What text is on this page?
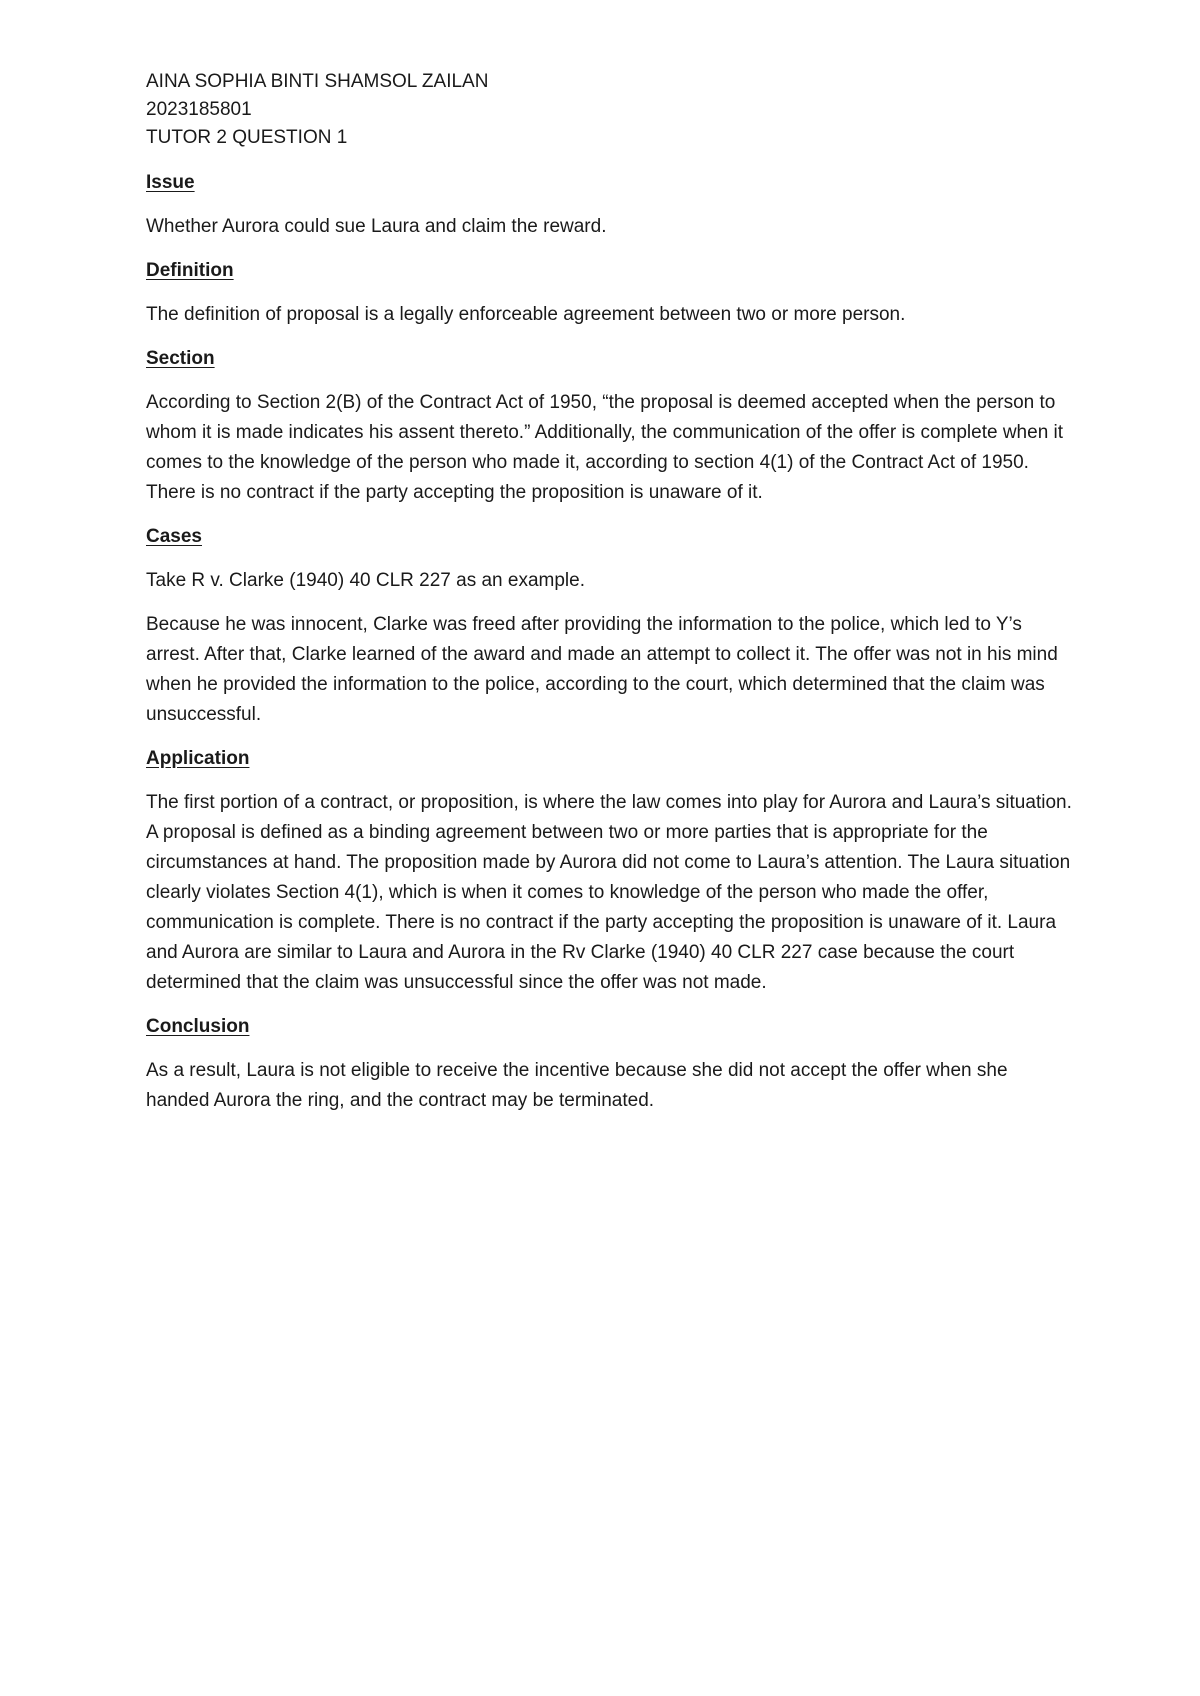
AINA SOPHIA BINTI SHAMSOL ZAILAN

2023185801

TUTOR 2 QUESTION 1

Issue

Whether Aurora could sue Laura and claim the reward.

Definition

The definition of proposal is a legally enforceable agreement between two or more person.

Section

According to Section 2(B) of the Contract Act of 1950, “the proposal is deemed accepted when the person to whom it is made indicates his assent thereto.” Additionally, the communication of the offer is complete when it comes to the knowledge of the person who made it, according to section 4(1) of the Contract Act of 1950. There is no contract if the party accepting the proposition is unaware of it.

Cases

Take R v. Clarke (1940) 40 CLR 227 as an example.

Because he was innocent, Clarke was freed after providing the information to the police, which led to Y’s arrest. After that, Clarke learned of the award and made an attempt to collect it. The offer was not in his mind when he provided the information to the police, according to the court, which determined that the claim was unsuccessful.

Application

The first portion of a contract, or proposition, is where the law comes into play for Aurora and Laura’s situation. A proposal is defined as a binding agreement between two or more parties that is appropriate for the circumstances at hand. The proposition made by Aurora did not come to Laura’s attention. The Laura situation clearly violates Section 4(1), which is when it comes to knowledge of the person who made the offer, communication is complete. There is no contract if the party accepting the proposition is unaware of it. Laura and Aurora are similar to Laura and Aurora in the Rv Clarke (1940) 40 CLR 227 case because the court determined that the claim was unsuccessful since the offer was not made.

Conclusion

As a result, Laura is not eligible to receive the incentive because she did not accept the offer when she handed Aurora the ring, and the contract may be terminated.
